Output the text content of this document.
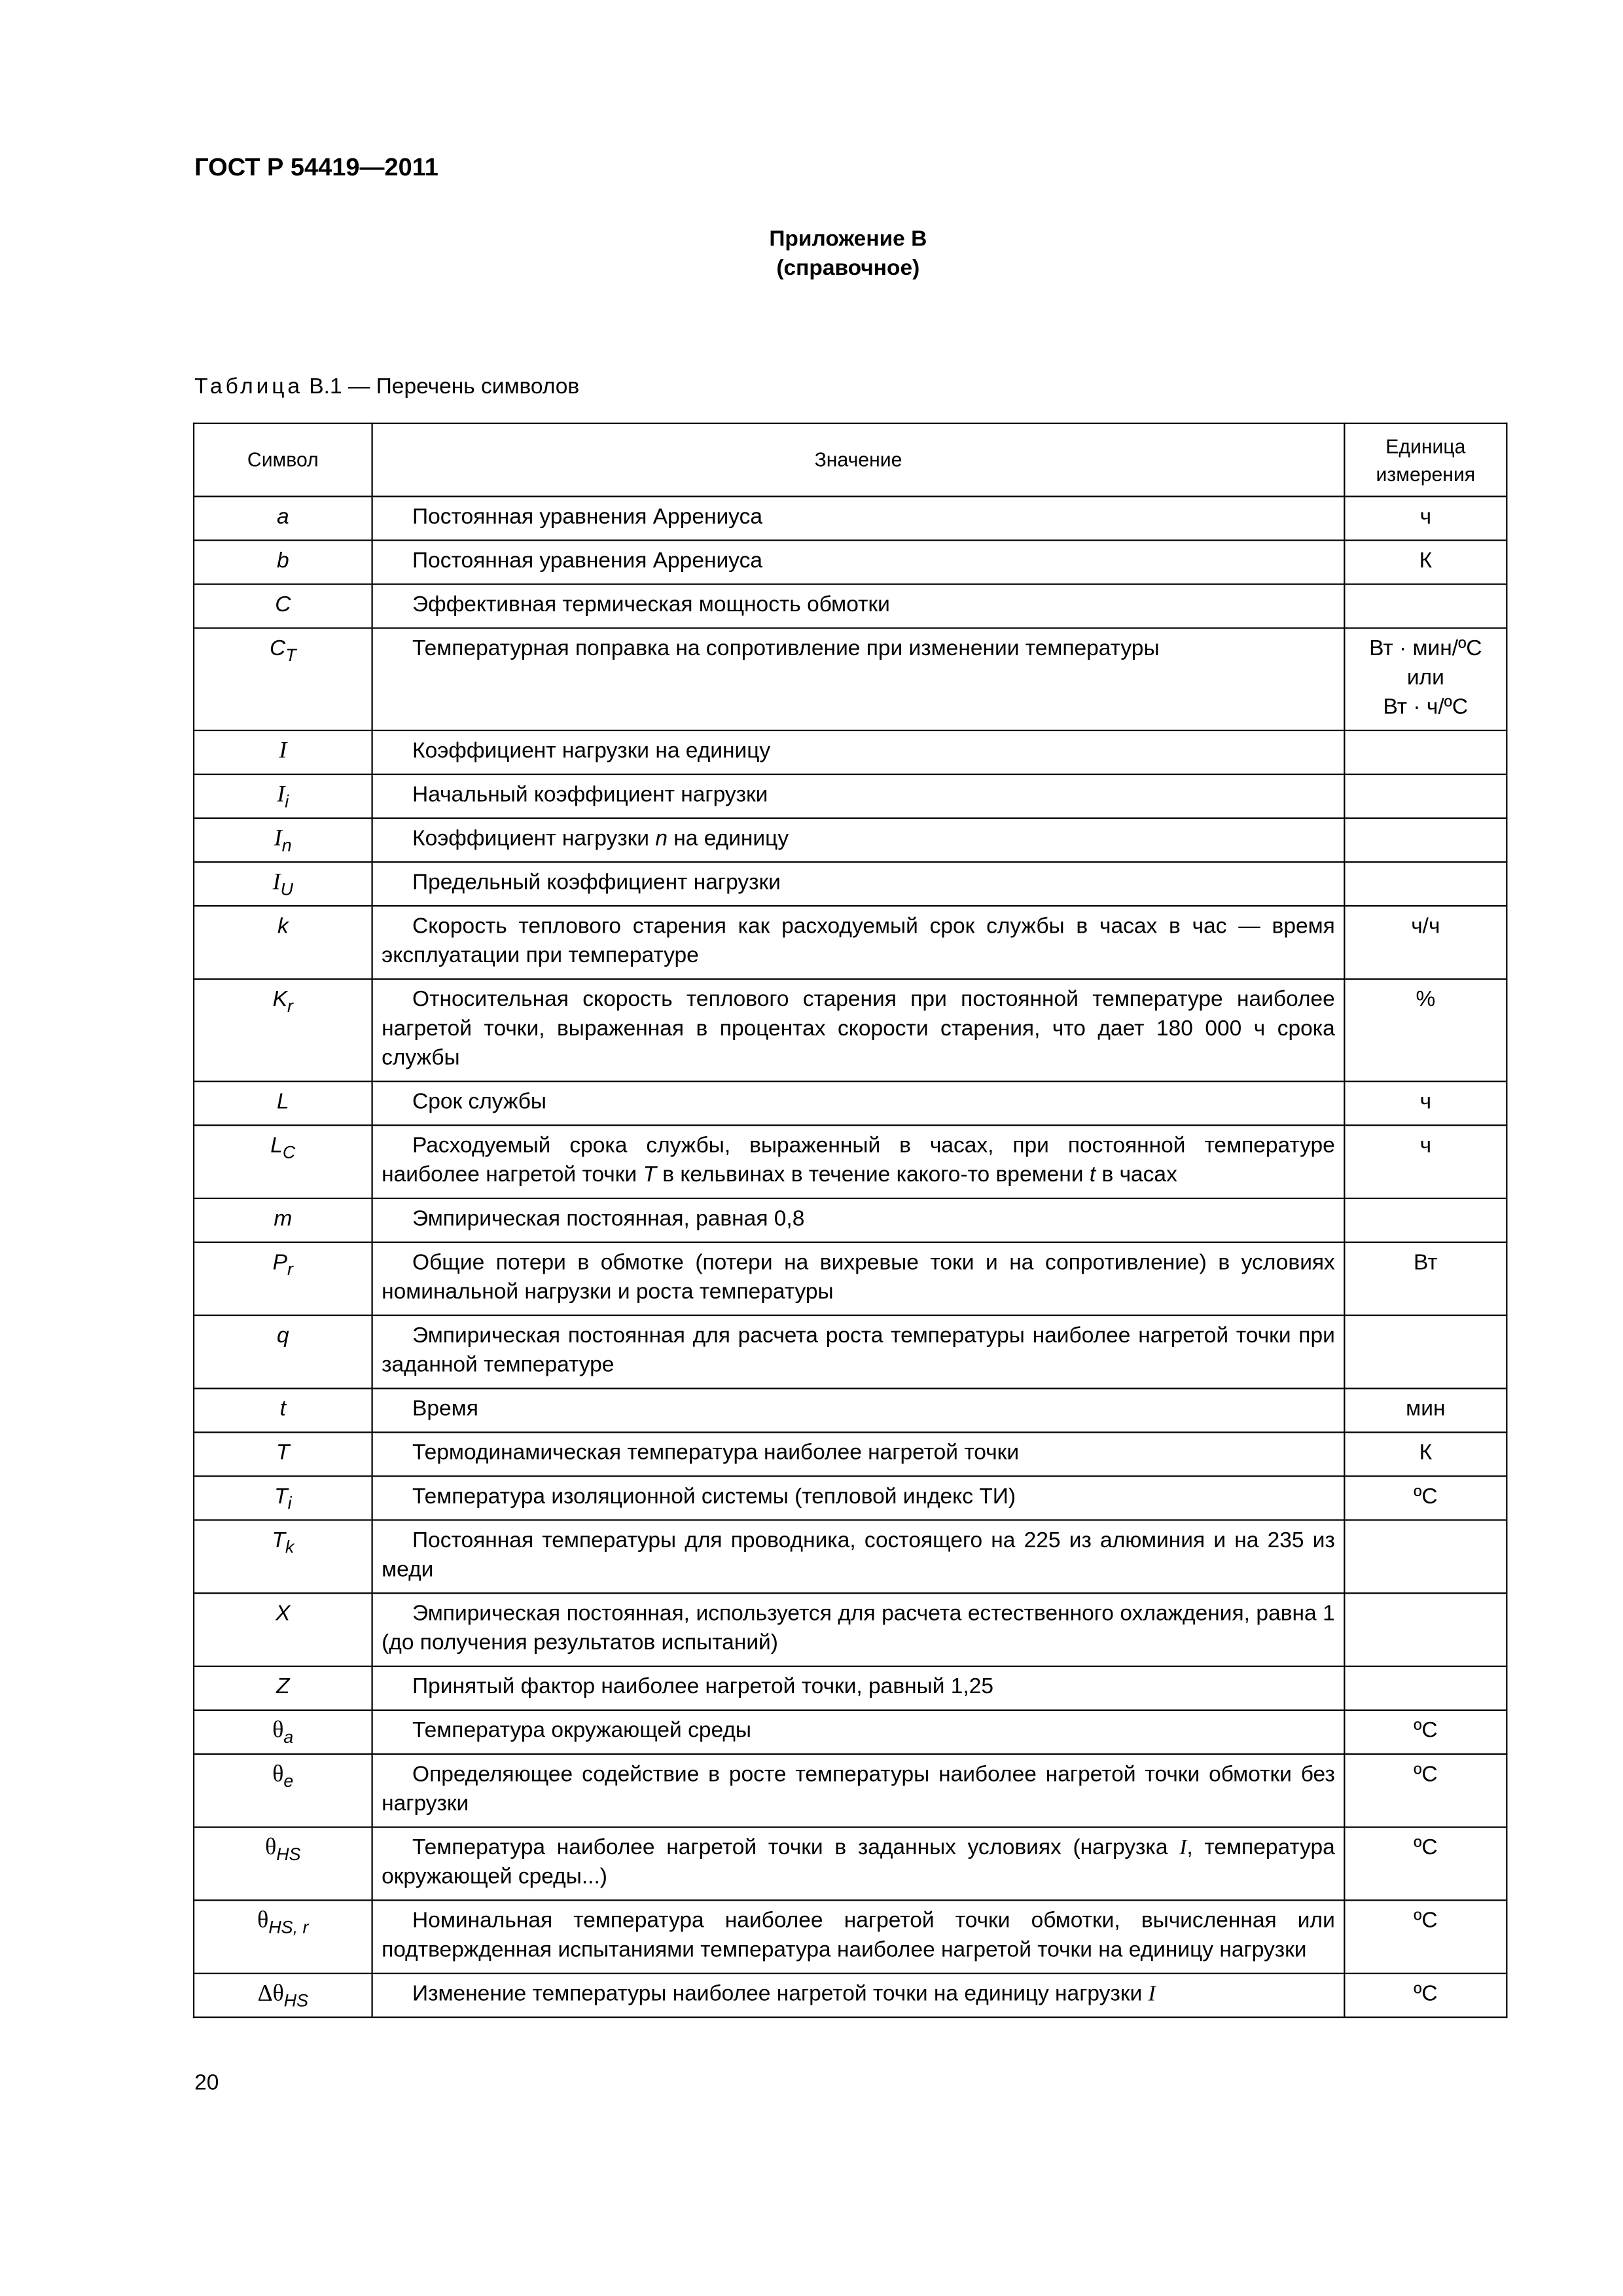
ГОСТ Р 54419—2011

Приложение В
(справочное)
Таблица В.1 — Перечень символов
Символ	Значение	Единица
измерения
a	Постоянная уравнения Аррениуса	ч
b	Постоянная уравнения Аррениуса	К
C	Эффективная термическая мощность обмотки	
$C_T$	Температурная поправка на сопротивление при изменении температуры	Вт · мин/ºС
или
Вт · ч/ºС

I	Коэффициент нагрузки на единицу	
$I_i$	Начальный коэффициент нагрузки	
$I_n$	Коэффициент нагрузки n на единицу	
$I_U$	Предельный коэффициент нагрузки	
k	Скорость теплового старения как расходуемый срок службы в часах в час — время эксплуатации при температуре	ч/ч
$K_r$	Относительная скорость теплового старения при постоянной температуре наиболее нагретой точки, выраженная в процентах скорости старения, что дает 180 000 ч срока службы	%
L	Срок службы	ч
$L_C$	Расходуемый срока службы, выраженный в часах, при постоянной температуре наиболее нагретой точки T в кельвинах в течение какого-то времени t в часах	ч
m	Эмпирическая постоянная, равная 0,8	
$P_r$	Общие потери в обмотке (потери на вихревые токи и на сопротивление) в условиях номинальной нагрузки и роста температуры	Вт
q	Эмпирическая постоянная для расчета роста температуры наиболее нагретой точки при заданной температуре	
t	Время	мин
T	Термодинамическая температура наиболее нагретой точки	К
$T_i$	Температура изоляционной системы (тепловой индекс ТИ)	ºС
$T_k$	Постоянная температуры для проводника, состоящего на 225 из алюминия и на 235 из меди	
X	Эмпирическая постоянная, используется для расчета естественного охлаждения, равна 1 (до получения результатов испытаний)	
Z	Принятый фактор наиболее нагретой точки, равный 1,25	
$\theta_a$	Температура окружающей среды	ºС
$\theta_e$	Определяющее содействие в росте температуры наиболее нагретой точки обмотки без нагрузки	ºС
$\theta_{HS}$	Температура наиболее нагретой точки в заданных условиях (нагрузка I, температура окружающей среды...)	ºС
$\theta_{HS, r}$	Номинальная температура наиболее нагретой точки обмотки, вычисленная или подтвержденная испытаниями температура наиболее нагретой точки на единицу нагрузки	ºС
$\Delta\theta_{HS}$	Изменение температуры наиболее нагретой точки на единицу нагрузки I	ºС
20
